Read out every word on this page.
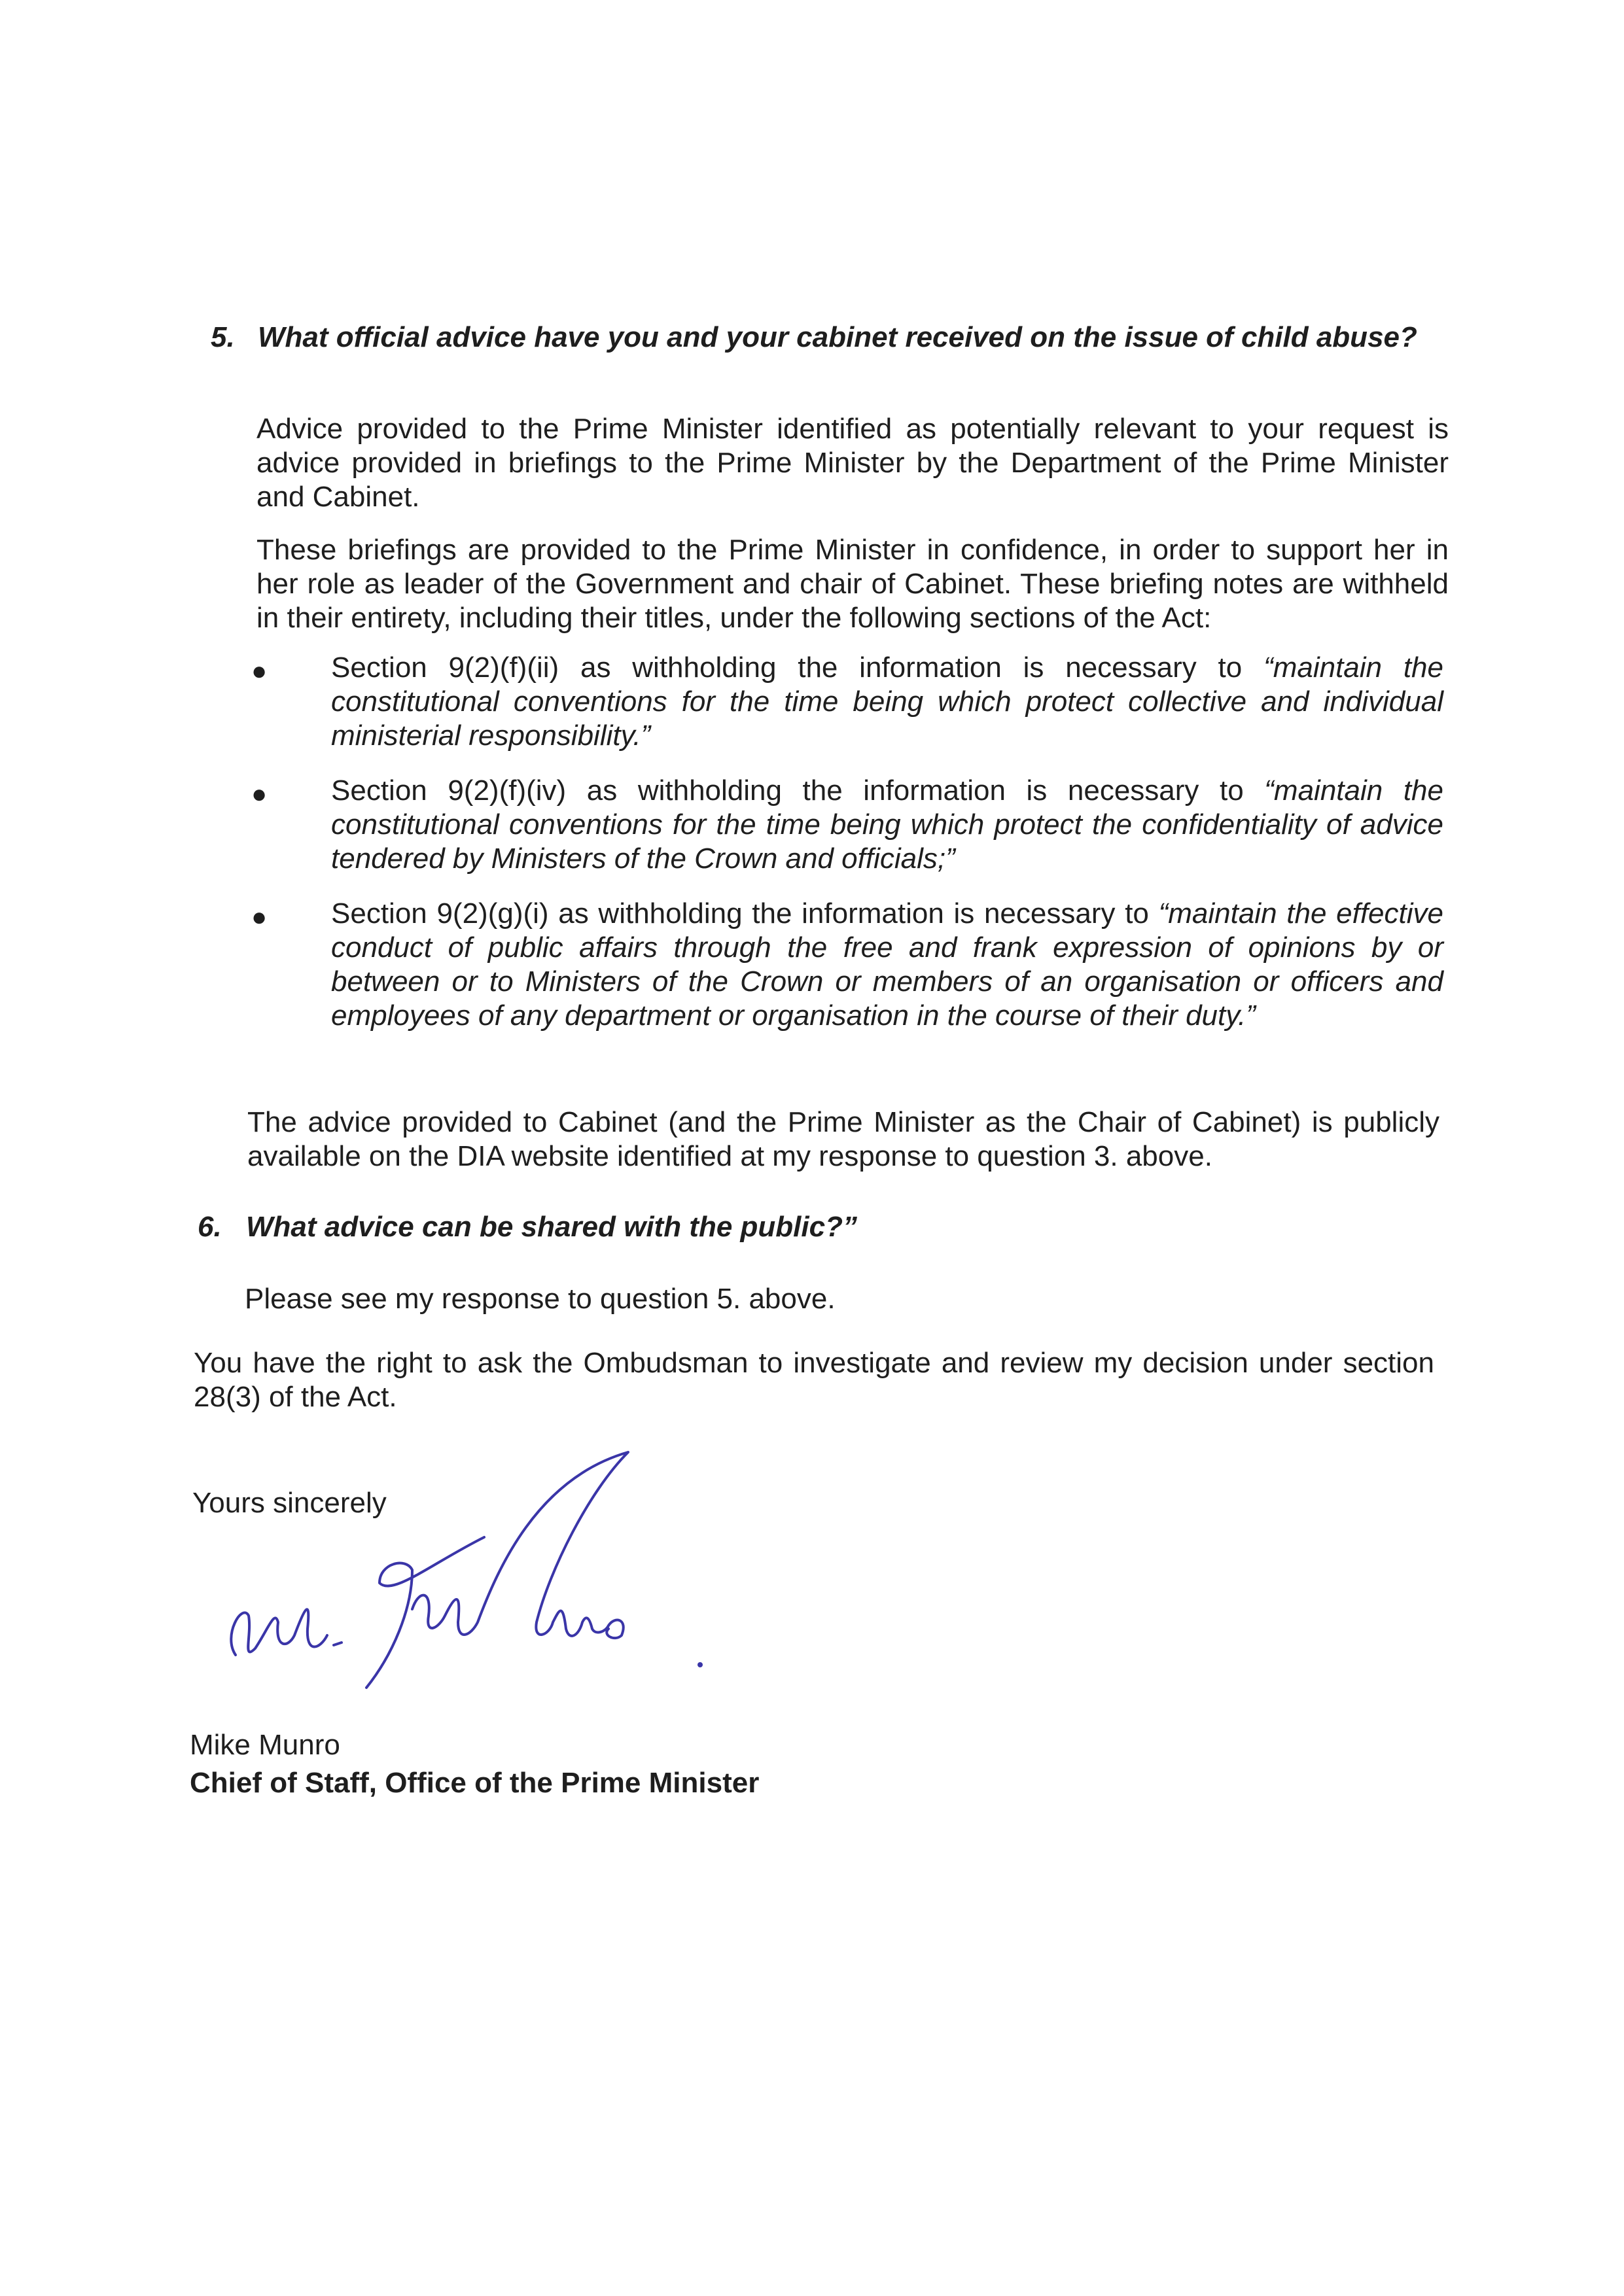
5. What official advice have you and your cabinet received on the issue of child abuse?
Advice provided to the Prime Minister identified as potentially relevant to your request is advice provided in briefings to the Prime Minister by the Department of the Prime Minister and Cabinet.
These briefings are provided to the Prime Minister in confidence, in order to support her in her role as leader of the Government and chair of Cabinet. These briefing notes are withheld in their entirety, including their titles, under the following sections of the Act:
● Section 9(2)(f)(ii) as withholding the information is necessary to “maintain the constitutional conventions for the time being which protect collective and individual ministerial responsibility.”
● Section 9(2)(f)(iv) as withholding the information is necessary to “maintain the constitutional conventions for the time being which protect the confidentiality of advice tendered by Ministers of the Crown and officials;”
● Section 9(2)(g)(i) as withholding the information is necessary to “maintain the effective conduct of public affairs through the free and frank expression of opinions by or between or to Ministers of the Crown or members of an organisation or officers and employees of any department or organisation in the course of their duty.”
The advice provided to Cabinet (and the Prime Minister as the Chair of Cabinet) is publicly available on the DIA website identified at my response to question 3. above.
6. What advice can be shared with the public?”
Please see my response to question 5. above.
You have the right to ask the Ombudsman to investigate and review my decision under section 28(3) of the Act.
Yours sincerely
Mike Munro
Chief of Staff, Office of the Prime Minister
